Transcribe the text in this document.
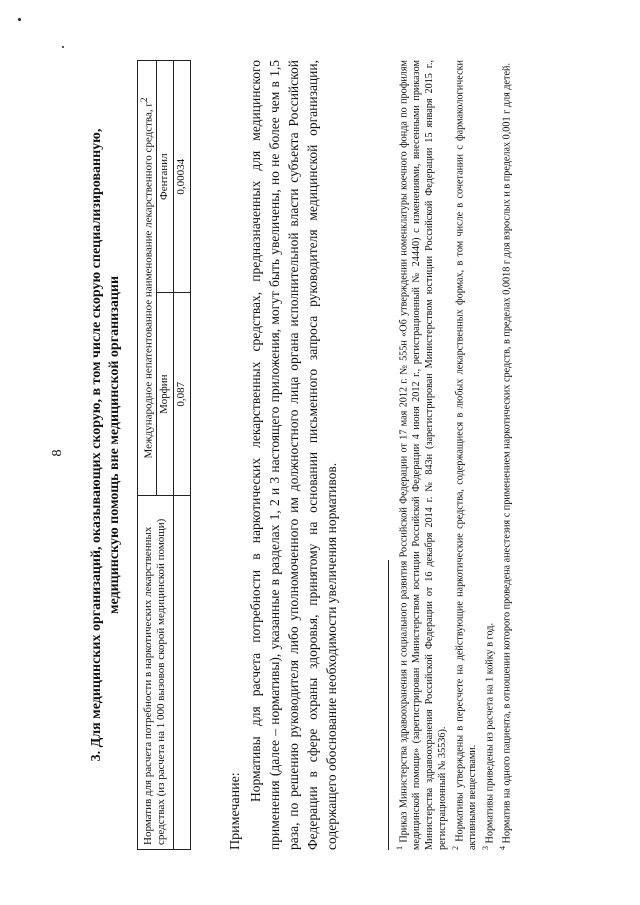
8 3. Для медицинских организаций, оказывающих скорую, в том числе скорую специализированную, медицинскую помощь вне медицинской организации
Норматив для расчета потребности в наркотических лекарственных средствах (из расчета на 1 000 вызовов скорой медицинской помощи)	Международное непатентованное наименование лекарственного средства, $г^2$
	Морфин	Фентанил
	0,087	0,00034
Примечание:
Нормативы для расчета потребности в наркотических лекарственных средствах, предназначенных для медицинского применения (далее – нормативы), указанные в разделах 1, 2 и 3 настоящего приложения, могут быть увеличены, но не более чем в 1,5 раза, по решению руководителя либо уполномоченного им должностного лица органа исполнительной власти субъекта Российской Федерации в сфере охраны здоровья, принятому на основании письменного запроса руководителя медицинской организации, содержащего обоснование необходимости увеличения нормативов.	$^1$ Приказ Министерства здравоохранения и социального развития Российской Федерации от 17 мая 2012 г. № 555н «Об утверждении номенклатуры коечного фонда по профилям медицинской помощи» (зарегистрирован Министерством юстиции Российской Федерации 4 июня 2012 г., регистрационный № 24440) с изменениями, внесенными приказом Министерства здравоохранения Российской Федерации от 16 декабря 2014 г. № 843н (зарегистрирован Министерством юстиции Российской Федерации 15 января 2015 г., регистрационный № 35536). $^2$ Нормативы утверждены в пересчете на действующие наркотические средства, содержащиеся в любых лекарственных формах, в том числе в сочетании с фармакологически активными веществами. $^3$ Нормативы приведены из расчета на 1 койку в год.

$^4$ Норматив на одного пациента, в отношении которого проведена анестезия с применением наркотических средств, в пределах 0,0018 г для взрослых и в пределах 0,001 г для детей.
